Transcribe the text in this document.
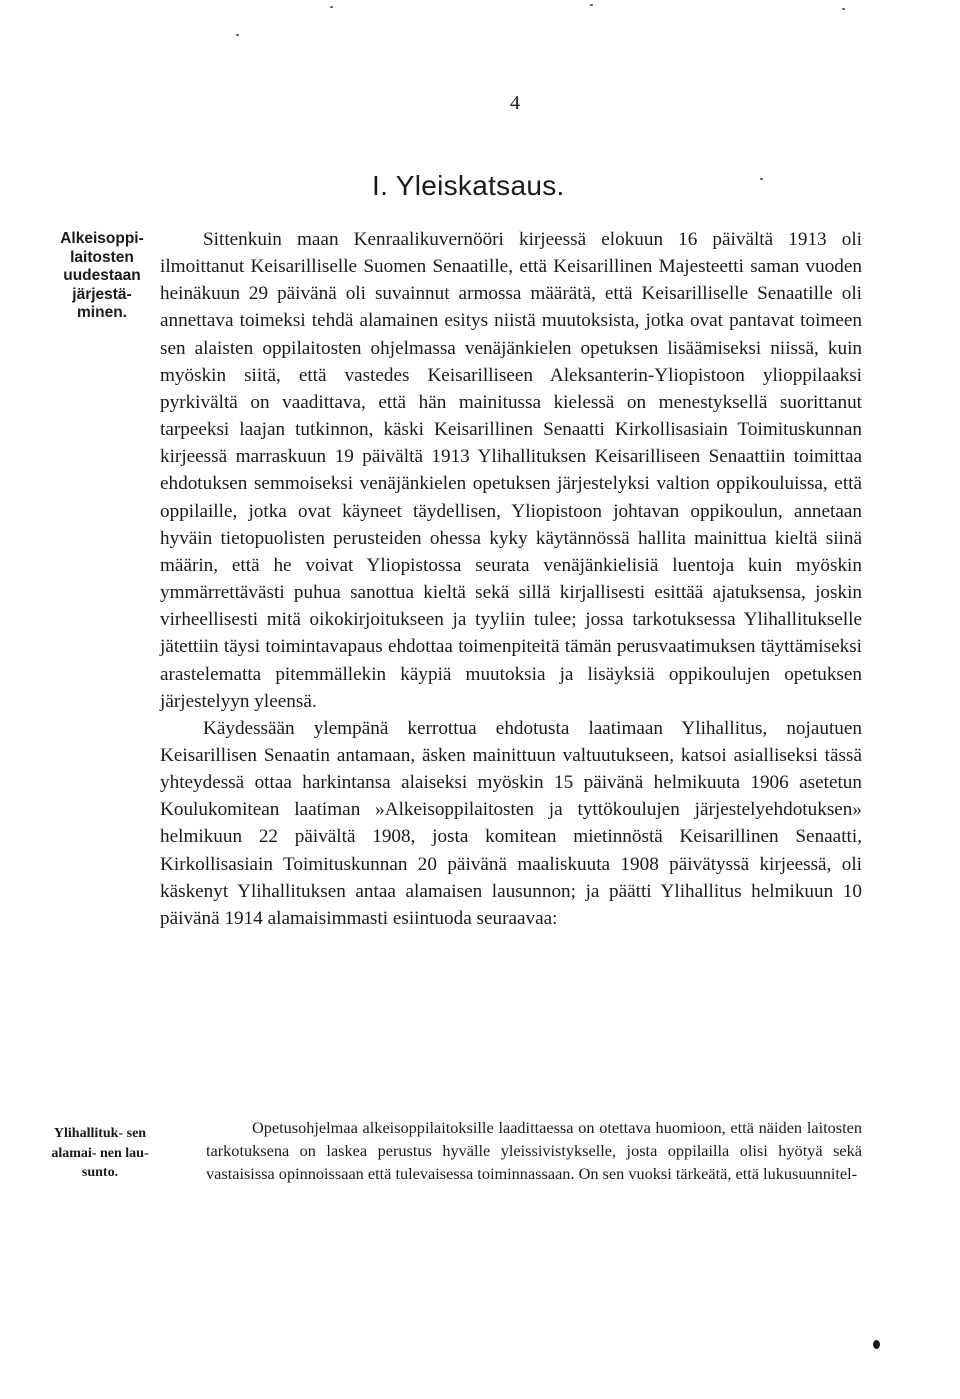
4
I. Yleiskatsaus.
Alkeisoppi- laitosten uudestaan järjestä- minen.

Sittenkuin maan Kenraalikuvernööri kirjeessä elokuun 16 päivältä 1913 oli ilmoittanut Keisarilliselle Suomen Senaatille, että Keisarillinen Majesteetti saman vuoden heinäkuun 29 päivänä oli suvainnut armossa määrätä, että Keisarilliselle Senaatille oli annettava toimeksi tehdä alamainen esitys niistä muutoksista, jotka ovat pantavat toimeen sen alaisten oppilaitosten ohjelmassa venäjänkielen opetuksen lisäämiseksi niissä, kuin myöskin siitä, että vastedes Keisarilliseen Aleksanterin-Yliopistoon ylioppilaaksi pyrkivältä on vaadittava, että hän mainitussa kielessä on menestyksellä suorittanut tarpeeksi laajan tutkinnon, käski Keisarillinen Senaatti Kirkollisasiain Toimituskunnan kirjeessä marraskuun 19 päivältä 1913 Ylihallituksen Keisarilliseen Senaattiin toimittaa ehdotuksen semmoiseksi venäjänkielen opetuksen järjestelyksi valtion oppikouluissa, että oppilaille, jotka ovat käyneet täydellisen, Yliopistoon johtavan oppikoulun, annetaan hyväin tietopuolisten perusteiden ohessa kyky käytännössä hallita mainittua kieltä siinä määrin, että he voivat Yliopistossa seurata venäjänkielisiä luentoja kuin myöskin ymmärrettävästi puhua sanottua kieltä sekä sillä kirjallisesti esittää ajatuksensa, joskin virheellisesti mitä oikokirjoitukseen ja tyyliin tulee; jossa tarkotuksessa Ylihallitukselle jätettiin täysi toimintavapaus ehdottaa toimenpiteitä tämän perusvaatimuksen täyttämiseksi arastelematta pitemmällekin käypiä muutoksia ja lisäyksiä oppikoulujen opetuksen järjestelyyn yleensä.

Käydessään ylempänä kerrottua ehdotusta laatimaan Ylihallitus, nojautuen Keisarillisen Senaatin antamaan, äsken mainittuun valtuutukseen, katsoi asialliseksi tässä yhteydessä ottaa harkintansa alaiseksi myöskin 15 päivänä helmikuuta 1906 asetetun Koulukomitean laatiman »Alkeisoppilaitosten ja tyttökoulujen järjestelyehdotuksen» helmikuun 22 päivältä 1908, josta komitean mietinnöstä Keisarillinen Senaatti, Kirkollisasiain Toimituskunnan 20 päivänä maaliskuuta 1908 päivätyssä kirjeessä, oli käskenyt Ylihallituksen antaa alamaisen lausunnon; ja päätti Ylihallitus helmikuun 10 päivänä 1914 alamaisimmasti esiintuoda seuraavaa:

Ylihallituk- sen alamai- nen lau- sunto.

Opetusohjelmaa alkeisoppilaitoksille laadittaessa on otettava huomioon, että näiden laitosten tarkotuksena on laskea perustus hyvälle yleissivistykselle, josta oppilailla olisi hyötyä sekä vastaisissa opinnoissaan että tulevaisessa toiminnassaan. On sen vuoksi tärkeätä, että lukusuunnitel-
